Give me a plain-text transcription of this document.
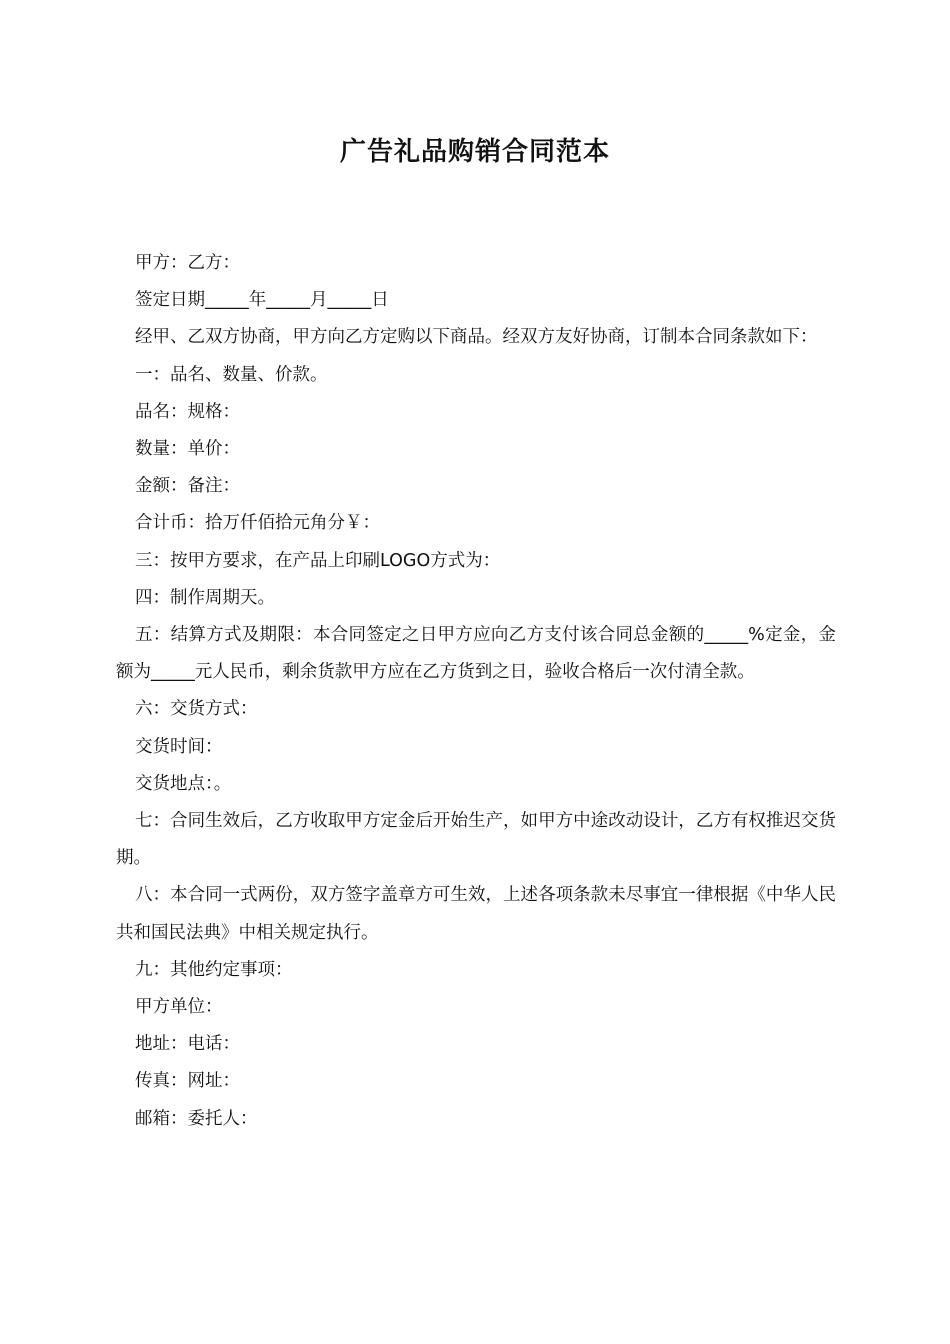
广告礼品购销合同范本

甲方：乙方：

签定日期_____年_____月_____日

经甲、乙双方协商，甲方向乙方定购以下商品。经双方友好协商，订制本合同条款如下：

一：品名、数量、价款。

品名：规格：

数量：单价：

金额：备注：

合计币：拾万仟佰拾元角分￥：

三：按甲方要求，在产品上印刷LOGO方式为：

四：制作周期天。

五：结算方式及期限：本合同签定之日甲方应向乙方支付该合同总金额的_____%定金，金额为_____元人民币，剩余货款甲方应在乙方货到之日，验收合格后一次付清全款。

六：交货方式：

交货时间：

交货地点：。

七：合同生效后，乙方收取甲方定金后开始生产，如甲方中途改动设计，乙方有权推迟交货期。

八：本合同一式两份，双方签字盖章方可生效，上述各项条款未尽事宜一律根据《中华人民共和国民法典》中相关规定执行。

九：其他约定事项：

甲方单位：

地址：电话：

传真：网址：

邮箱：委托人：
